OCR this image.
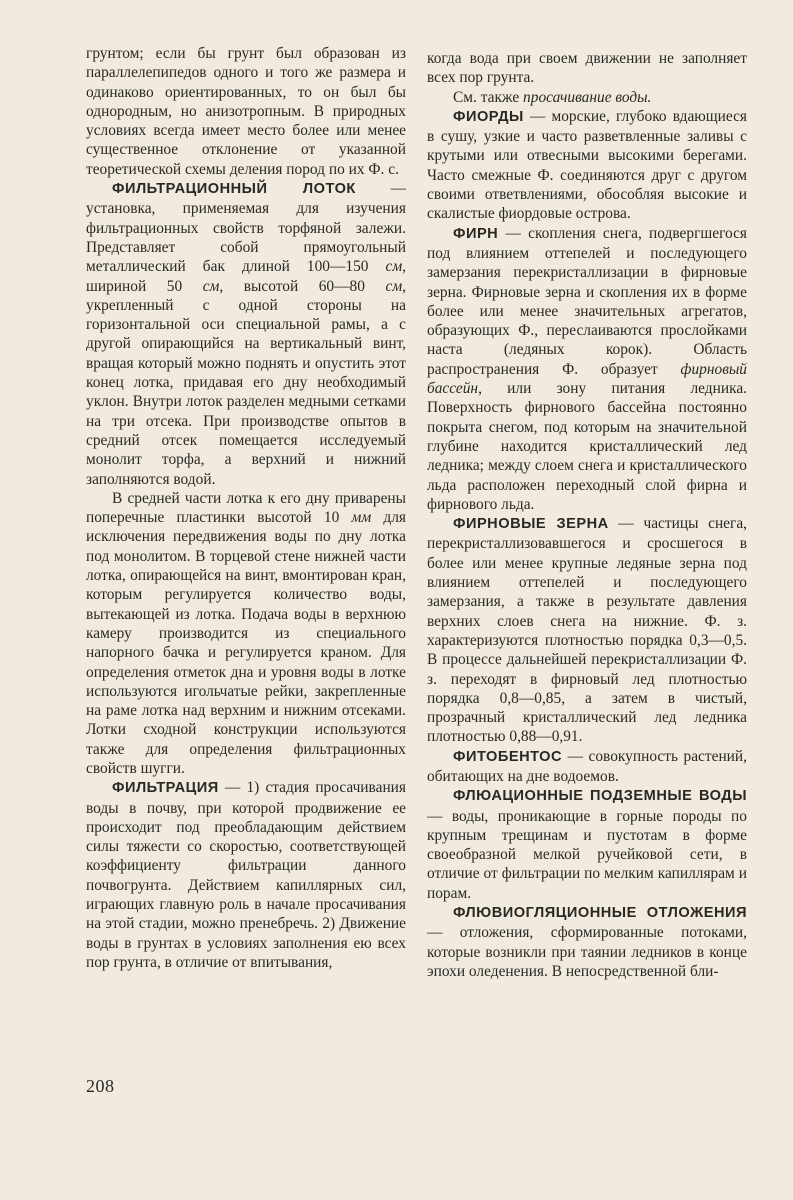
грунтом; если бы грунт был образован из параллелепипедов одного и того же размера и одинаково ориентированных, то он был бы однородным, но анизотропным. В природных условиях всегда имеет место более или менее существенное отклонение от указанной теоретической схемы деления пород по их Ф. с.

ФИЛЬТРАЦИОННЫЙ ЛОТОК — установка, применяемая для изучения фильтрационных свойств торфяной залежи. Представляет собой прямоугольный металлический бак длиной 100—150 см, шириной 50 см, высотой 60—80 см, укрепленный с одной стороны на горизонтальной оси специальной рамы, а с другой опирающийся на вертикальный винт, вращая который можно поднять и опустить этот конец лотка, придавая его дну необходимый уклон. Внутри лоток разделен медными сетками на три отсека. При производстве опытов в средний отсек помещается исследуемый монолит торфа, а верхний и нижний заполняются водой.

В средней части лотка к его дну приварены поперечные пластинки высотой 10 мм для исключения передвижения воды по дну лотка под монолитом. В торцевой стене нижней части лотка, опирающейся на винт, вмонтирован кран, которым регулируется количество воды, вытекающей из лотка. Подача воды в верхнюю камеру производится из специального напорного бачка и регулируется краном. Для определения отметок дна и уровня воды в лотке используются игольчатые рейки, закрепленные на раме лотка над верхним и нижним отсеками. Лотки сходной конструкции используются также для определения фильтрационных свойств шугги.

ФИЛЬТРАЦИЯ — 1) стадия просачивания воды в почву, при которой продвижение ее происходит под преобладающим действием силы тяжести со скоростью, соответствующей коэффициенту фильтрации данного почвогрунта. Действием капиллярных сил, играющих главную роль в начале просачивания на этой стадии, можно пренебречь. 2) Движение воды в грунтах в условиях заполнения ею всех пор грунта, в отличие от впитывания,

когда вода при своем движении не заполняет всех пор грунта.

См. также просачивание воды.

ФИОРДЫ — морские, глубоко вдающиеся в сушу, узкие и часто разветвленные заливы с крутыми или отвесными высокими берегами. Часто смежные Ф. соединяются друг с другом своими ответвлениями, обособляя высокие и скалистые фиордовые острова.

ФИРН — скопления снега, подвергшегося под влиянием оттепелей и последующего замерзания перекристаллизации в фирновые зерна. Фирновые зерна и скопления их в форме более или менее значительных агрегатов, образующих Ф., переслаиваются прослойками наста (ледяных корок). Область распространения Ф. образует фирновый бассейн, или зону питания ледника. Поверхность фирнового бассейна постоянно покрыта снегом, под которым на значительной глубине находится кристаллический лед ледника; между слоем снега и кристаллического льда расположен переходный слой фирна и фирнового льда.

ФИРНОВЫЕ ЗЕРНА — частицы снега, перекристаллизовавшегося и сросшегося в более или менее крупные ледяные зерна под влиянием оттепелей и последующего замерзания, а также в результате давления верхних слоев снега на нижние. Ф. з. характеризуются плотностью порядка 0,3—0,5. В процессе дальнейшей перекристаллизации Ф. з. переходят в фирновый лед плотностью порядка 0,8—0,85, а затем в чистый, прозрачный кристаллический лед ледника плотностью 0,88—0,91.

ФИТОБЕНТОС — совокупность растений, обитающих на дне водоемов.

ФЛЮАЦИОННЫЕ ПОДЗЕМНЫЕ ВОДЫ — воды, проникающие в горные породы по крупным трещинам и пустотам в форме своеобразной мелкой ручейковой сети, в отличие от фильтрации по мелким капиллярам и порам.

ФЛЮВИОГЛЯЦИОННЫЕ ОТЛОЖЕНИЯ — отложения, сформированные потоками, которые возникли при таянии ледников в конце эпохи оледенения. В непосредственной бли-

208
